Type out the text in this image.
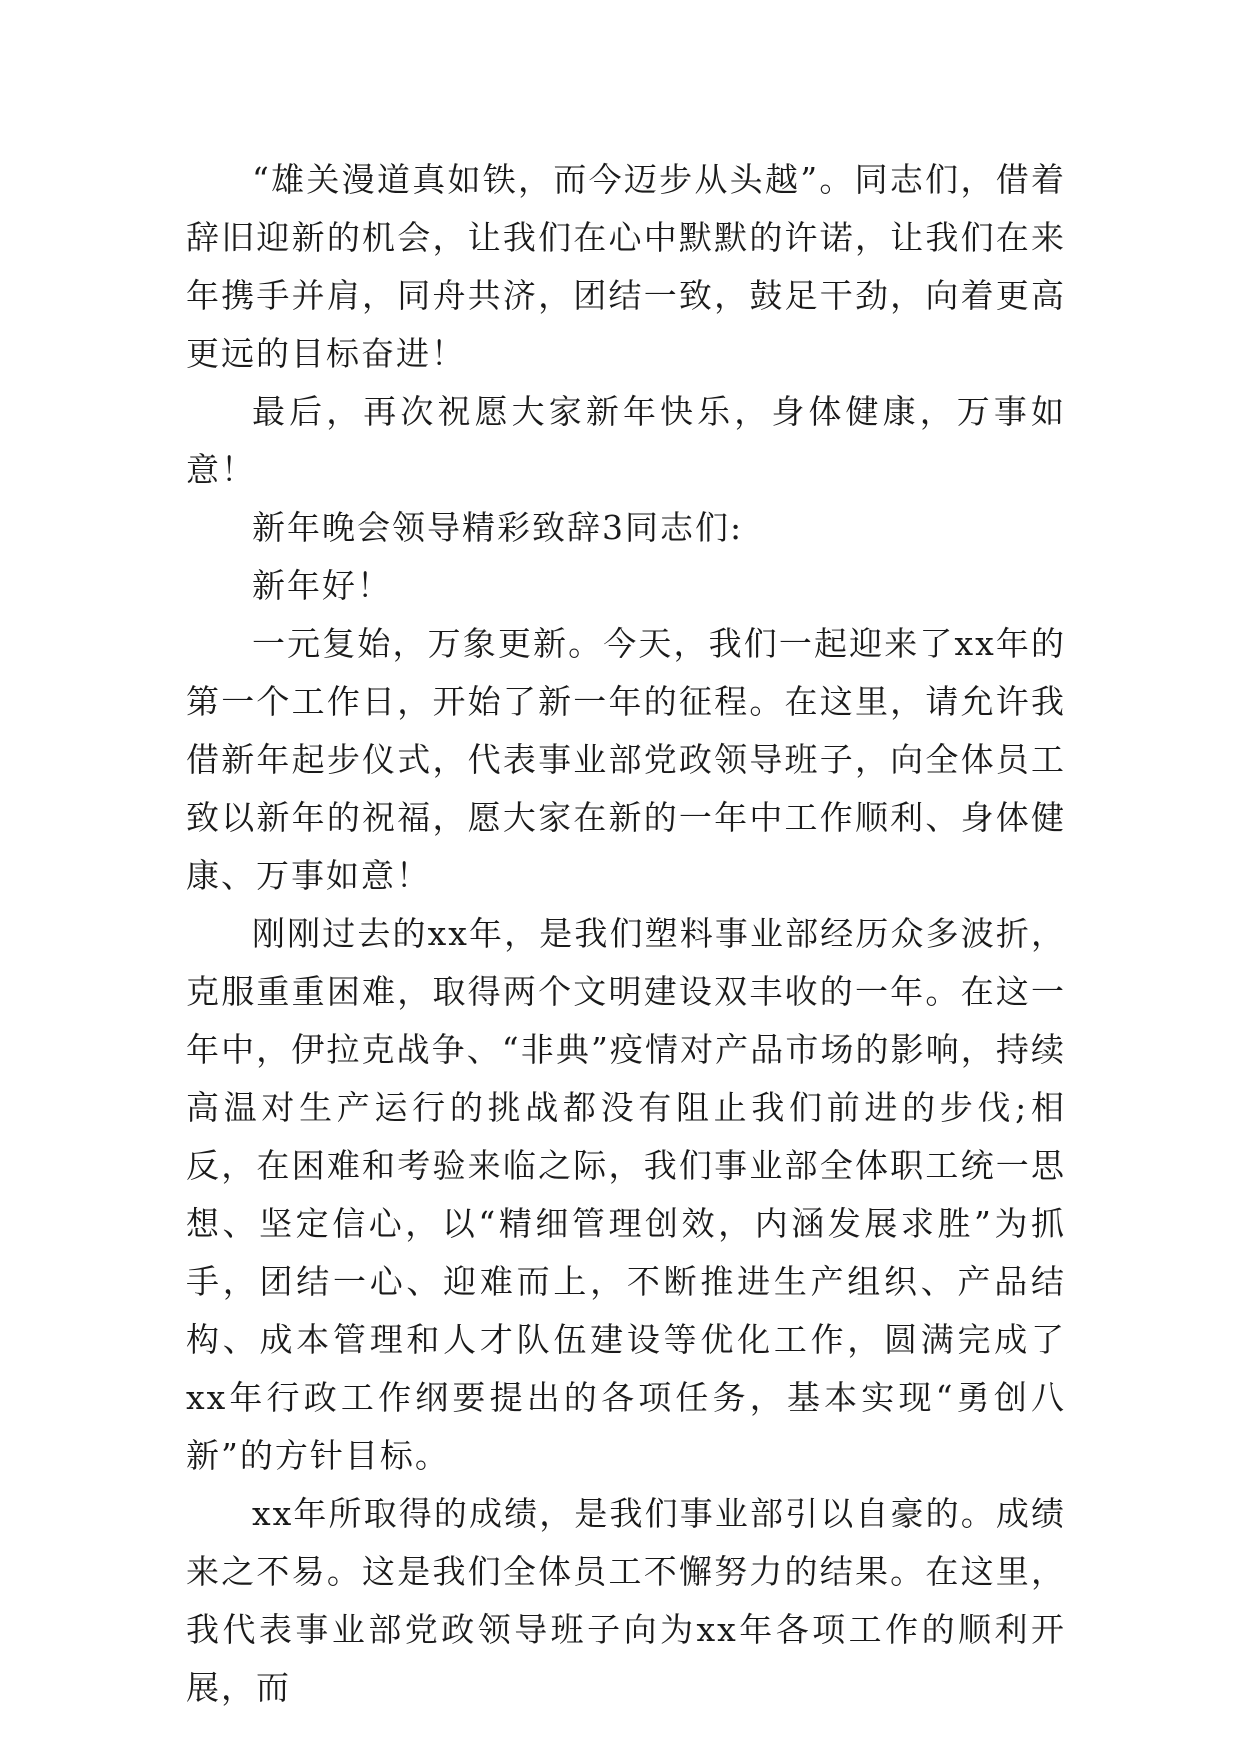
“雄关漫道真如铁，而今迈步从头越”。同志们，借着辞旧迎新的机会，让我们在心中默默的许诺，让我们在来年携手并肩，同舟共济，团结一致，鼓足干劲，向着更高更远的目标奋进！

最后，再次祝愿大家新年快乐，身体健康，万事如意！

新年晚会领导精彩致辞3同志们:

新年好！

一元复始，万象更新。今天，我们一起迎来了xx年的第一个工作日，开始了新一年的征程。在这里，请允许我借新年起步仪式，代表事业部党政领导班子，向全体员工致以新年的祝福，愿大家在新的一年中工作顺利、身体健康、万事如意！

刚刚过去的xx年，是我们塑料事业部经历众多波折，克服重重困难，取得两个文明建设双丰收的一年。在这一年中，伊拉克战争、“非典”疫情对产品市场的影响，持续高温对生产运行的挑战都没有阻止我们前进的步伐;相反，在困难和考验来临之际，我们事业部全体职工统一思想、坚定信心，以“精细管理创效，内涵发展求胜”为抓手，团结一心、迎难而上，不断推进生产组织、产品结构、成本管理和人才队伍建设等优化工作，圆满完成了xx年行政工作纲要提出的各项任务，基本实现“勇创八新”的方针目标。

xx年所取得的成绩，是我们事业部引以自豪的。成绩来之不易。这是我们全体员工不懈努力的结果。在这里，我代表事业部党政领导班子向为xx年各项工作的顺利开展，而
